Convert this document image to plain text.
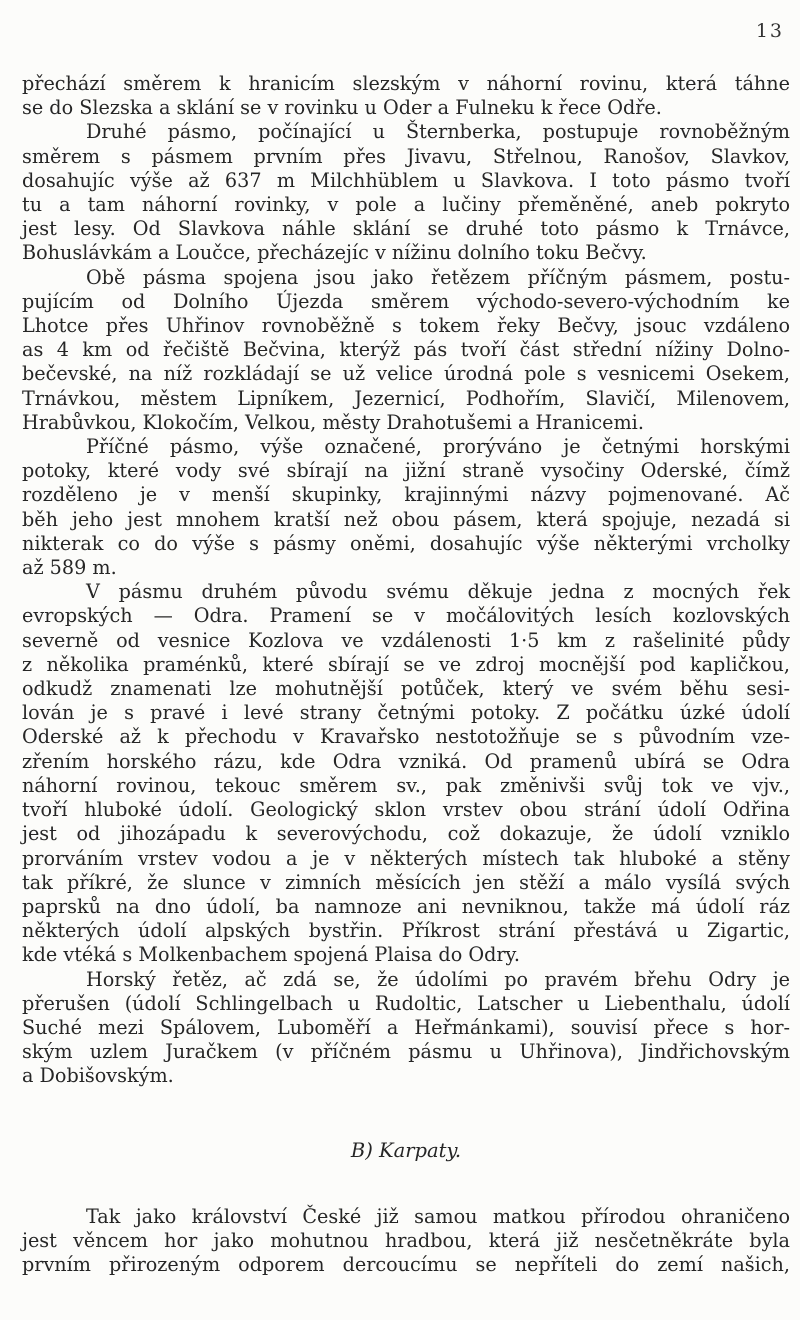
13

přechází směrem k hranicím slezským v náhorní rovinu, která táhne
se do Slezska a sklání se v rovinku u Oder a Fulneku k řece Odře.

Druhé pásmo, počínající u Šternberka, postupuje rovnoběžným
směrem s pásmem prvním přes Jivavu, Střelnou, Ranošov, Slavkov,
dosahujíc výše až 637 m Milchhüblem u Slavkova. I toto pásmo tvoří
tu a tam náhorní rovinky, v pole a lučiny přeměněné, aneb pokryto
jest lesy. Od Slavkova náhle sklání se druhé toto pásmo k Trnávce,
Bohuslávkám a Loučce, přecházejíc v nížinu dolního toku Bečvy.

Obě pásma spojena jsou jako řetězem příčným pásmem, postu-
pujícím od Dolního Újezda směrem východo-severo-východním ke
Lhotce přes Uhřinov rovnoběžně s tokem řeky Bečvy, jsouc vzdáleno
as 4 km od řečiště Bečvina, kterýž pás tvoří část střední nížiny Dolno-
bečevské, na níž rozkládají se už velice úrodná pole s vesnicemi Osekem,
Trnávkou, městem Lipníkem, Jezernicí, Podhořím, Slavičí, Milenovem,
Hrabůvkou, Klokočím, Velkou, městy Drahotušemi a Hranicemi.

Příčné pásmo, výše označené, prorýváno je četnými horskými
potoky, které vody své sbírají na jižní straně vysočiny Oderské, čímž
rozděleno je v menší skupinky, krajinnými názvy pojmenované. Ač
běh jeho jest mnohem kratší než obou pásem, která spojuje, nezadá si
nikterak co do výše s pásmy oněmi, dosahujíc výše některými vrcholky
až 589 m.

V pásmu druhém původu svému děkuje jedna z mocných řek
evropských — Odra. Pramení se v močálovitých lesích kozlovských
severně od vesnice Kozlova ve vzdálenosti 1·5 km z rašelinité půdy
z několika praménků, které sbírají se ve zdroj mocnější pod kapličkou,
odkudž znamenati lze mohutnější potůček, který ve svém běhu sesi-
lován je s pravé i levé strany četnými potoky. Z počátku úzké údolí
Oderské až k přechodu v Kravařsko nestotožňuje se s původním vze-
zřením horského rázu, kde Odra vzniká. Od pramenů ubírá se Odra
náhorní rovinou, tekouc směrem sv., pak změnivši svůj tok ve vjv.,
tvoří hluboké údolí. Geologický sklon vrstev obou strání údolí Odřina
jest od jihozápadu k severovýchodu, což dokazuje, že údolí vzniklo
prorváním vrstev vodou a je v některých místech tak hluboké a stěny
tak příkré, že slunce v zimních měsících jen stěží a málo vysílá svých
paprsků na dno údolí, ba namnoze ani nevniknou, takže má údolí ráz
některých údolí alpských bystřin. Příkrost strání přestává u Zigartic,
kde vtéká s Molkenbachem spojená Plaisa do Odry.

Horský řetěz, ač zdá se, že údolími po pravém břehu Odry je
přerušen (údolí Schlingelbach u Rudoltic, Latscher u Liebenthalu, údolí
Suché mezi Spálovem, Luboměří a Heřmánkami), souvisí přece s hor-
ským uzlem Juračkem (v příčném pásmu u Uhřinova), Jindřichovským
a Dobišovským.

B) Karpaty.

Tak jako království České již samou matkou přírodou ohraničeno
jest věncem hor jako mohutnou hradbou, která již nesčetněkráte byla
prvním přirozeným odporem dercoucímu se nepříteli do zemí našich,
